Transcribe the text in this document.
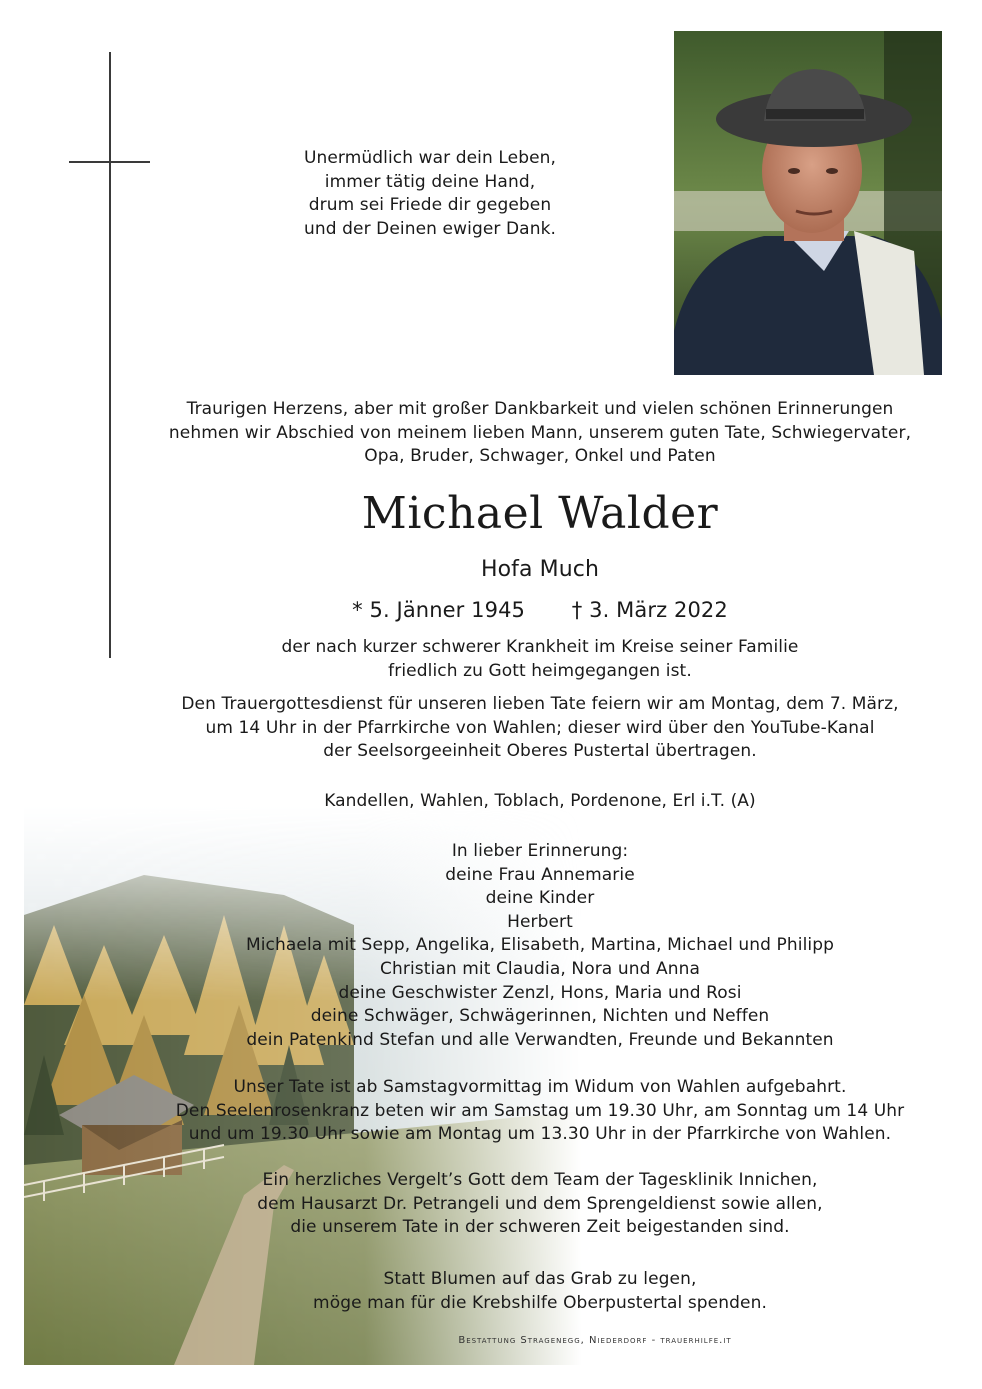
Unermüdlich war dein Leben,
immer tätig deine Hand,
drum sei Friede dir gegeben
und der Deinen ewiger Dank.
Traurigen Herzens, aber mit großer Dankbarkeit und vielen schönen Erinnerungen
nehmen wir Abschied von meinem lieben Mann, unserem guten Tate, Schwiegervater,
Opa, Bruder, Schwager, Onkel und Paten
Michael Walder
Hofa Much
* 5. Jänner 1945 † 3. März 2022
der nach kurzer schwerer Krankheit im Kreise seiner Familie
friedlich zu Gott heimgegangen ist.
Den Trauergottesdienst für unseren lieben Tate feiern wir am Montag, dem 7. März,
um 14 Uhr in der Pfarrkirche von Wahlen; dieser wird über den YouTube-Kanal
der Seelsorgeeinheit Oberes Pustertal übertragen.
Kandellen, Wahlen, Toblach, Pordenone, Erl i.T. (A)
In lieber Erinnerung:
deine Frau Annemarie
deine Kinder
Herbert
Michaela mit Sepp, Angelika, Elisabeth, Martina, Michael und Philipp
Christian mit Claudia, Nora und Anna
deine Geschwister Zenzl, Hons, Maria und Rosi
deine Schwäger, Schwägerinnen, Nichten und Neffen
dein Patenkind Stefan und alle Verwandten, Freunde und Bekannten
Unser Tate ist ab Samstagvormittag im Widum von Wahlen aufgebahrt.
Den Seelenrosenkranz beten wir am Samstag um 19.30 Uhr, am Sonntag um 14 Uhr
und um 19.30 Uhr sowie am Montag um 13.30 Uhr in der Pfarrkirche von Wahlen.
Ein herzliches Vergelt’s Gott dem Team der Tagesklinik Innichen,
dem Hausarzt Dr. Petrangeli und dem Sprengeldienst sowie allen,
die unserem Tate in der schweren Zeit beigestanden sind.
Statt Blumen auf das Grab zu legen,
möge man für die Krebshilfe Oberpustertal spenden.
Bestattung Stragenegg, Niederdorf - trauerhilfe.it
